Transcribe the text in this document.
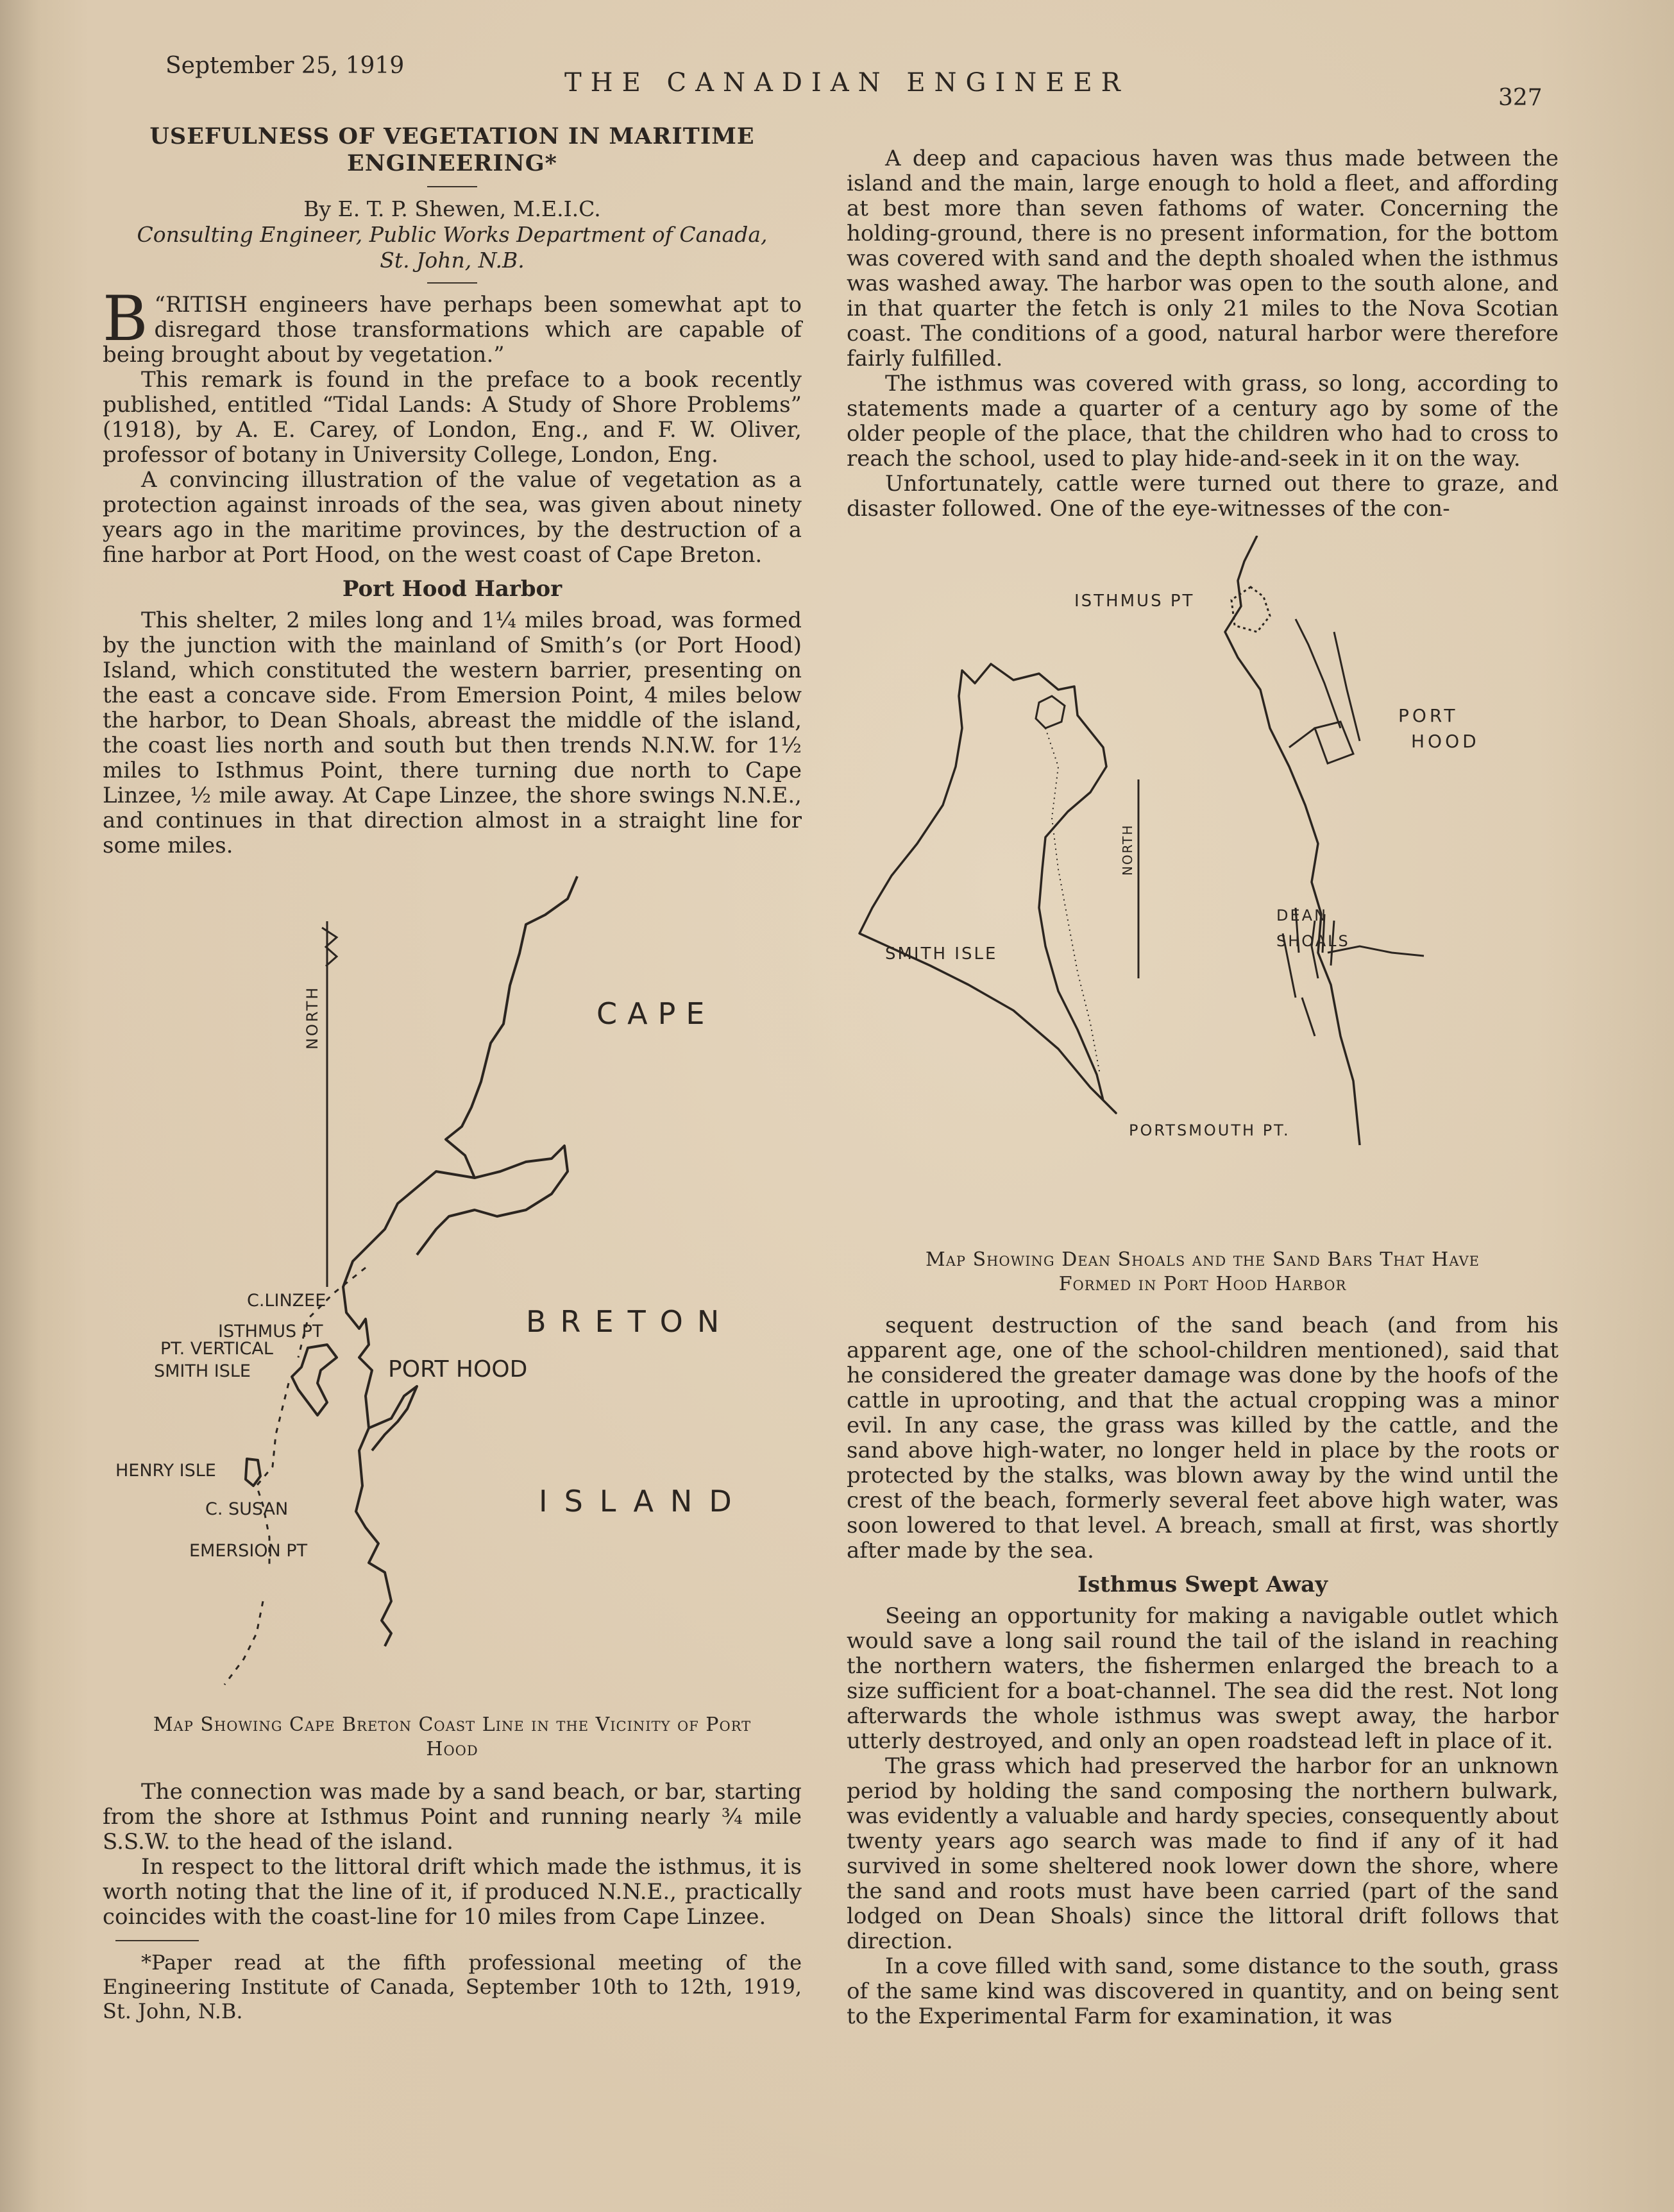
September 25, 1919
THE CANADIAN ENGINEER
327
USEFULNESS OF VEGETATION IN MARITIME ENGINEERING*
By E. T. P. Shewen, M.E.I.C.
Consulting Engineer, Public Works Department of Canada, St. John, N.B.

“
B RITISH engineers have perhaps been somewhat apt to disregard those transformations which are capable of being brought about by vegetation.”

This remark is found in the preface to a book recently published, entitled “Tidal Lands: A Study of Shore Problems” (1918), by A. E. Carey, of London, Eng., and F. W. Oliver, professor of botany in University College, London, Eng.

A convincing illustration of the value of vegetation as a protection against inroads of the sea, was given about ninety years ago in the maritime provinces, by the destruction of a fine harbor at Port Hood, on the west coast of Cape Breton.

Port Hood Harbor

This shelter, 2 miles long and 1¼ miles broad, was formed by the junction with the mainland of Smith’s (or Port Hood) Island, which constituted the western barrier, presenting on the east a concave side. From Emersion Point, 4 miles below the harbor, to Dean Shoals, abreast the middle of the island, the coast lies north and south but then trends N.N.W. for 1½ miles to Isthmus Point, there turning due north to Cape Linzee, ½ mile away. At Cape Linzee, the shore swings N.N.E., and continues in that direction almost in a straight line for some miles.

NORTH	CAPE
BRETON
ISLAND
C.LINZEE
ISTHMUS PT
PT. VERTICAL
SMITH ISLE	PORT HOOD
HENRY ISLE
C. SUSAN
EMERSION PT
Map Showing Cape Breton Coast Line in the Vicinity of Port Hood

The connection was made by a sand beach, or bar, starting from the shore at Isthmus Point and running nearly ¾ mile S.S.W. to the head of the island.

In respect to the littoral drift which made the isthmus, it is worth noting that the line of it, if produced N.N.E., practically coincides with the coast-line for 10 miles from Cape Linzee.

*Paper read at the fifth professional meeting of the Engineering Institute of Canada, September 10th to 12th, 1919, St. John, N.B.

A deep and capacious haven was thus made between the island and the main, large enough to hold a fleet, and affording at best more than seven fathoms of water. Concerning the holding-ground, there is no present information, for the bottom was covered with sand and the depth shoaled when the isthmus was washed away. The harbor was open to the south alone, and in that quarter the fetch is only 21 miles to the Nova Scotian coast. The conditions of a good, natural harbor were therefore fairly fulfilled.

The isthmus was covered with grass, so long, according to statements made a quarter of a century ago by some of the older people of the place, that the children who had to cross to reach the school, used to play hide-and-seek in it on the way.

Unfortunately, cattle were turned out there to graze, and disaster followed. One of the eye-witnesses of the con-

NORTH
ISTHMUS PT
PORT
HOOD
DEAN
SHOALS
SMITH ISLE
PORTSMOUTH PT.
Map Showing Dean Shoals and the Sand Bars That Have Formed in Port Hood Harbor

sequent destruction of the sand beach (and from his apparent age, one of the school-children mentioned), said that he considered the greater damage was done by the hoofs of the cattle in uprooting, and that the actual cropping was a minor evil. In any case, the grass was killed by the cattle, and the sand above high-water, no longer held in place by the roots or protected by the stalks, was blown away by the wind until the crest of the beach, formerly several feet above high water, was soon lowered to that level. A breach, small at first, was shortly after made by the sea.

Isthmus Swept Away

Seeing an opportunity for making a navigable outlet which would save a long sail round the tail of the island in reaching the northern waters, the fishermen enlarged the breach to a size sufficient for a boat-channel. The sea did the rest. Not long afterwards the whole isthmus was swept away, the harbor utterly destroyed, and only an open roadstead left in place of it.

The grass which had preserved the harbor for an unknown period by holding the sand composing the northern bulwark, was evidently a valuable and hardy species, consequently about twenty years ago search was made to find if any of it had survived in some sheltered nook lower down the shore, where the sand and roots must have been carried (part of the sand lodged on Dean Shoals) since the littoral drift follows that direction.

In a cove filled with sand, some distance to the south, grass of the same kind was discovered in quantity, and on being sent to the Experimental Farm for examination, it was
